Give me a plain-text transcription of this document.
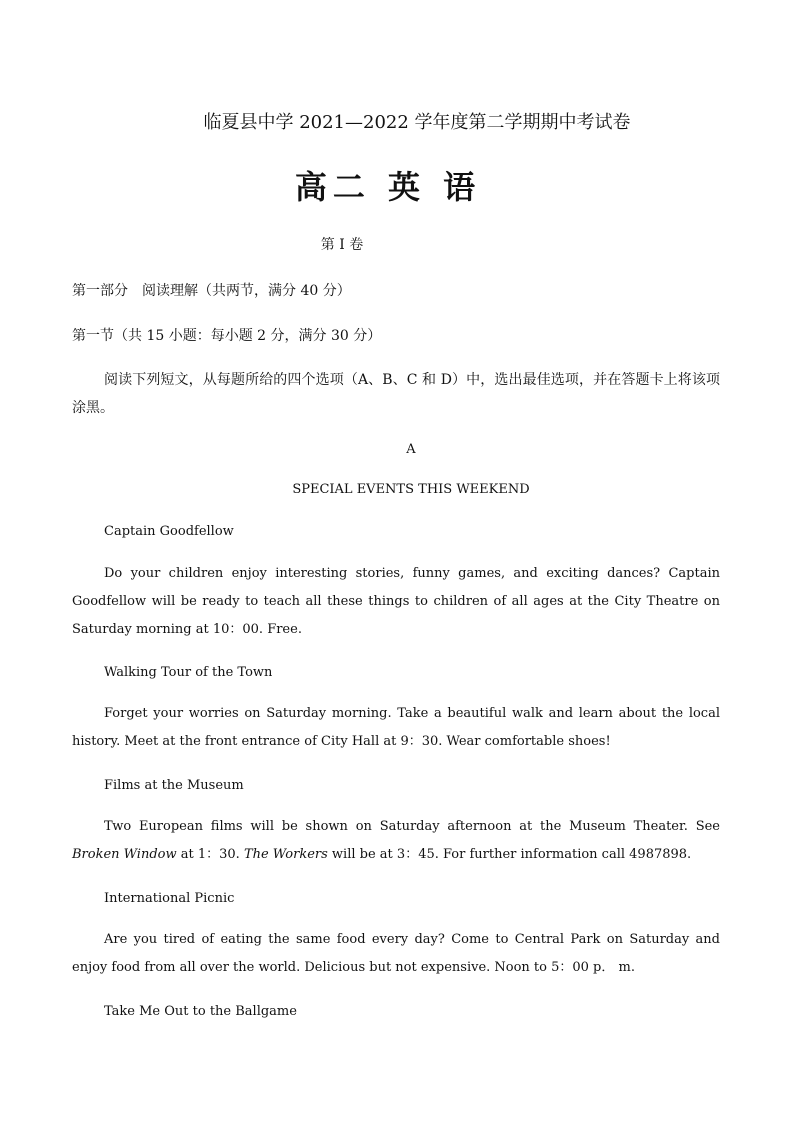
临夏县中学 2021—2022 学年度第二学期期中考试卷
高二 英 语
第 I 卷
第一部分　阅读理解（共两节，满分 40 分）
第一节（共 15 小题：每小题 2 分，满分 30 分）
阅读下列短文，从每题所给的四个选项（A、B、C 和 D）中，选出最佳选项，并在答题卡上将该项涂黑。
A
SPECIAL EVENTS THIS WEEKEND
Captain Goodfellow
Do your children enjoy interesting stories, funny games, and exciting dances? Captain Goodfellow will be ready to teach all these things to children of all ages at the City Theatre on Saturday morning at 10：00. Free.
Walking Tour of the Town
Forget your worries on Saturday morning. Take a beautiful walk and learn about the local history. Meet at the front entrance of City Hall at 9：30. Wear comfortable shoes!
Films at the Museum
Two European films will be shown on Saturday afternoon at the Museum Theater. See Broken Window at 1：30. The Workers will be at 3：45. For further information call 4987898.
International Picnic
Are you tired of eating the same food every day? Come to Central Park on Saturday and enjoy food from all over the world. Delicious but not expensive. Noon to 5：00 p． m.
Take Me Out to the Ballgame
